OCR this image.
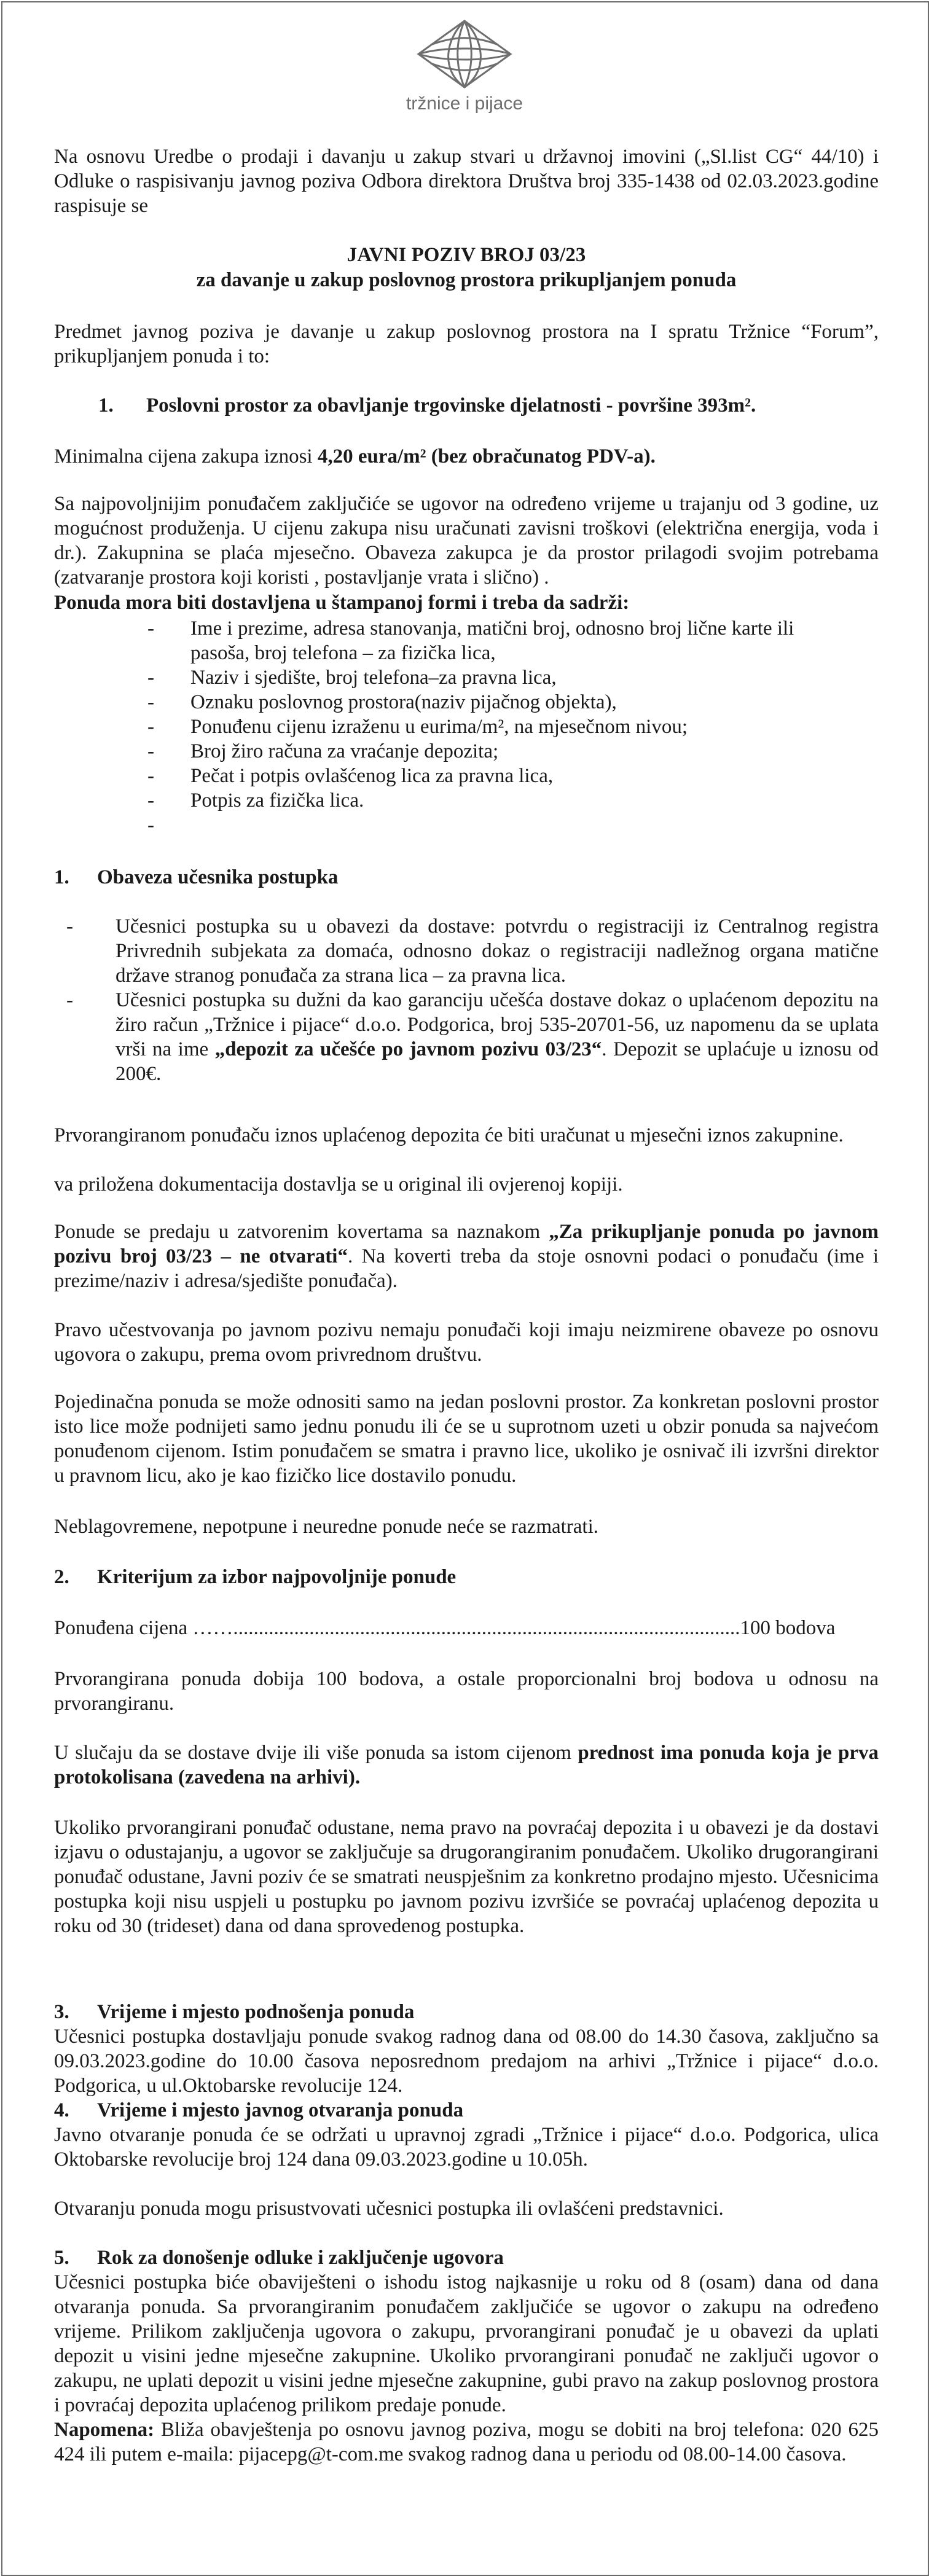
tržnice i pijace

Na osnovu Uredbe o prodaji i davanju u zakup stvari u državnoj imovini („Sl.list CG“ 44/10) i Odluke o raspisivanju javnog poziva Odbora direktora Društva broj 335-1438 od 02.03.2023.godine raspisuje se

JAVNI POZIV BROJ 03/23

za davanje u zakup poslovnog prostora prikupljanjem ponuda

Predmet javnog poziva je davanje u zakup poslovnog prostora na I spratu Tržnice “Forum”, prikupljanjem ponuda i to:

1. Poslovni prostor za obavljanje trgovinske djelatnosti - površine 393m².

Minimalna cijena zakupa iznosi 4,20 eura/m² (bez obračunatog PDV-a).

Sa najpovoljnijim ponuđačem zaključiće se ugovor na određeno vrijeme u trajanju od 3 godine, uz mogućnost produženja. U cijenu zakupa nisu uračunati zavisni troškovi (električna energija, voda i dr.). Zakupnina se plaća mjesečno. Obaveza zakupca je da prostor prilagodi svojim potrebama (zatvaranje prostora koji koristi , postavljanje vrata i slično) .

Ponuda mora biti dostavljena u štampanoj formi i treba da sadrži:

- Ime i prezime, adresa stanovanja, matični broj, odnosno broj lične karte ili pasoša, broj telefona – za fizička lica,
- Naziv i sjedište, broj telefona–za pravna lica,
- Oznaku poslovnog prostora(naziv pijačnog objekta),
- Ponuđenu cijenu izraženu u eurima/m², na mjesečnom nivou;
- Broj žiro računa za vraćanje depozita;
- Pečat i potpis ovlašćenog lica za pravna lica,
- Potpis za fizička lica.
-

1. Obaveza učesnika postupka

- Učesnici postupka su u obavezi da dostave: potvrdu o registraciji iz Centralnog registra Privrednih subjekata za domaća, odnosno dokaz o registraciji nadležnog organa matične države stranog ponuđača za strana lica – za pravna lica.
- Učesnici postupka su dužni da kao garanciju učešća dostave dokaz o uplaćenom depozitu na žiro račun „Tržnice i pijace“ d.o.o. Podgorica, broj 535-20701-56, uz napomenu da se uplata vrši na ime „depozit za učešće po javnom pozivu 03/23“. Depozit se uplaćuje u iznosu od 200€.

Prvorangiranom ponuđaču iznos uplaćenog depozita će biti uračunat u mjesečni iznos zakupnine.

va priložena dokumentacija dostavlja se u original ili ovjerenoj kopiji.

Ponude se predaju u zatvorenim kovertama sa naznakom „Za prikupljanje ponuda po javnom pozivu broj 03/23 – ne otvarati“. Na koverti treba da stoje osnovni podaci o ponuđaču (ime i prezime/naziv i adresa/sjedište ponuđača).

Pravo učestvovanja po javnom pozivu nemaju ponuđači koji imaju neizmirene obaveze po osnovu ugovora o zakupu, prema ovom privrednom društvu.

Pojedinačna ponuda se može odnositi samo na jedan poslovni prostor. Za konkretan poslovni prostor isto lice može podnijeti samo jednu ponudu ili će se u suprotnom uzeti u obzir ponuda sa najvećom ponuđenom cijenom. Istim ponuđačem se smatra i pravno lice, ukoliko je osnivač ili izvršni direktor u pravnom licu, ako je kao fizičko lice dostavilo ponudu.

Neblagovremene, nepotpune i neuredne ponude neće se razmatrati.

2. Kriterijum za izbor najpovoljnije ponude

Ponuđena cijena ……....................................................................................................100 bodova

Prvorangirana ponuda dobija 100 bodova, a ostale proporcionalni broj bodova u odnosu na prvorangiranu.

U slučaju da se dostave dvije ili više ponuda sa istom cijenom prednost ima ponuda koja je prva protokolisana (zavedena na arhivi).

Ukoliko prvorangirani ponuđač odustane, nema pravo na povraćaj depozita i u obavezi je da dostavi izjavu o odustajanju, a ugovor se zaključuje sa drugorangiranim ponuđačem. Ukoliko drugorangirani ponuđač odustane, Javni poziv će se smatrati neuspješnim za konkretno prodajno mjesto. Učesnicima postupka koji nisu uspjeli u postupku po javnom pozivu izvršiće se povraćaj uplaćenog depozita u roku od 30 (trideset) dana od dana sprovedenog postupka.

3. Vrijeme i mjesto podnošenja ponuda

Učesnici postupka dostavljaju ponude svakog radnog dana od 08.00 do 14.30 časova, zaključno sa 09.03.2023.godine do 10.00 časova neposrednom predajom na arhivi „Tržnice i pijace“ d.o.o. Podgorica, u ul.Oktobarske revolucije 124.

4. Vrijeme i mjesto javnog otvaranja ponuda

Javno otvaranje ponuda će se održati u upravnoj zgradi „Tržnice i pijace“ d.o.o. Podgorica, ulica Oktobarske revolucije broj 124 dana 09.03.2023.godine u 10.05h.

Otvaranju ponuda mogu prisustvovati učesnici postupka ili ovlašćeni predstavnici.

5. Rok za donošenje odluke i zaključenje ugovora

Učesnici postupka biće obaviješteni o ishodu istog najkasnije u roku od 8 (osam) dana od dana otvaranja ponuda. Sa prvorangiranim ponuđačem zaključiće se ugovor o zakupu na određeno vrijeme. Prilikom zaključenja ugovora o zakupu, prvorangirani ponuđač je u obavezi da uplati depozit u visini jedne mjesečne zakupnine. Ukoliko prvorangirani ponuđač ne zaključi ugovor o zakupu, ne uplati depozit u visini jedne mjesečne zakupnine, gubi pravo na zakup poslovnog prostora i povraćaj depozita uplaćenog prilikom predaje ponude.

Napomena: Bliža obavještenja po osnovu javnog poziva, mogu se dobiti na broj telefona: 020 625 424 ili putem e-maila: pijacepg@t-com.me svakog radnog dana u periodu od 08.00-14.00 časova.
